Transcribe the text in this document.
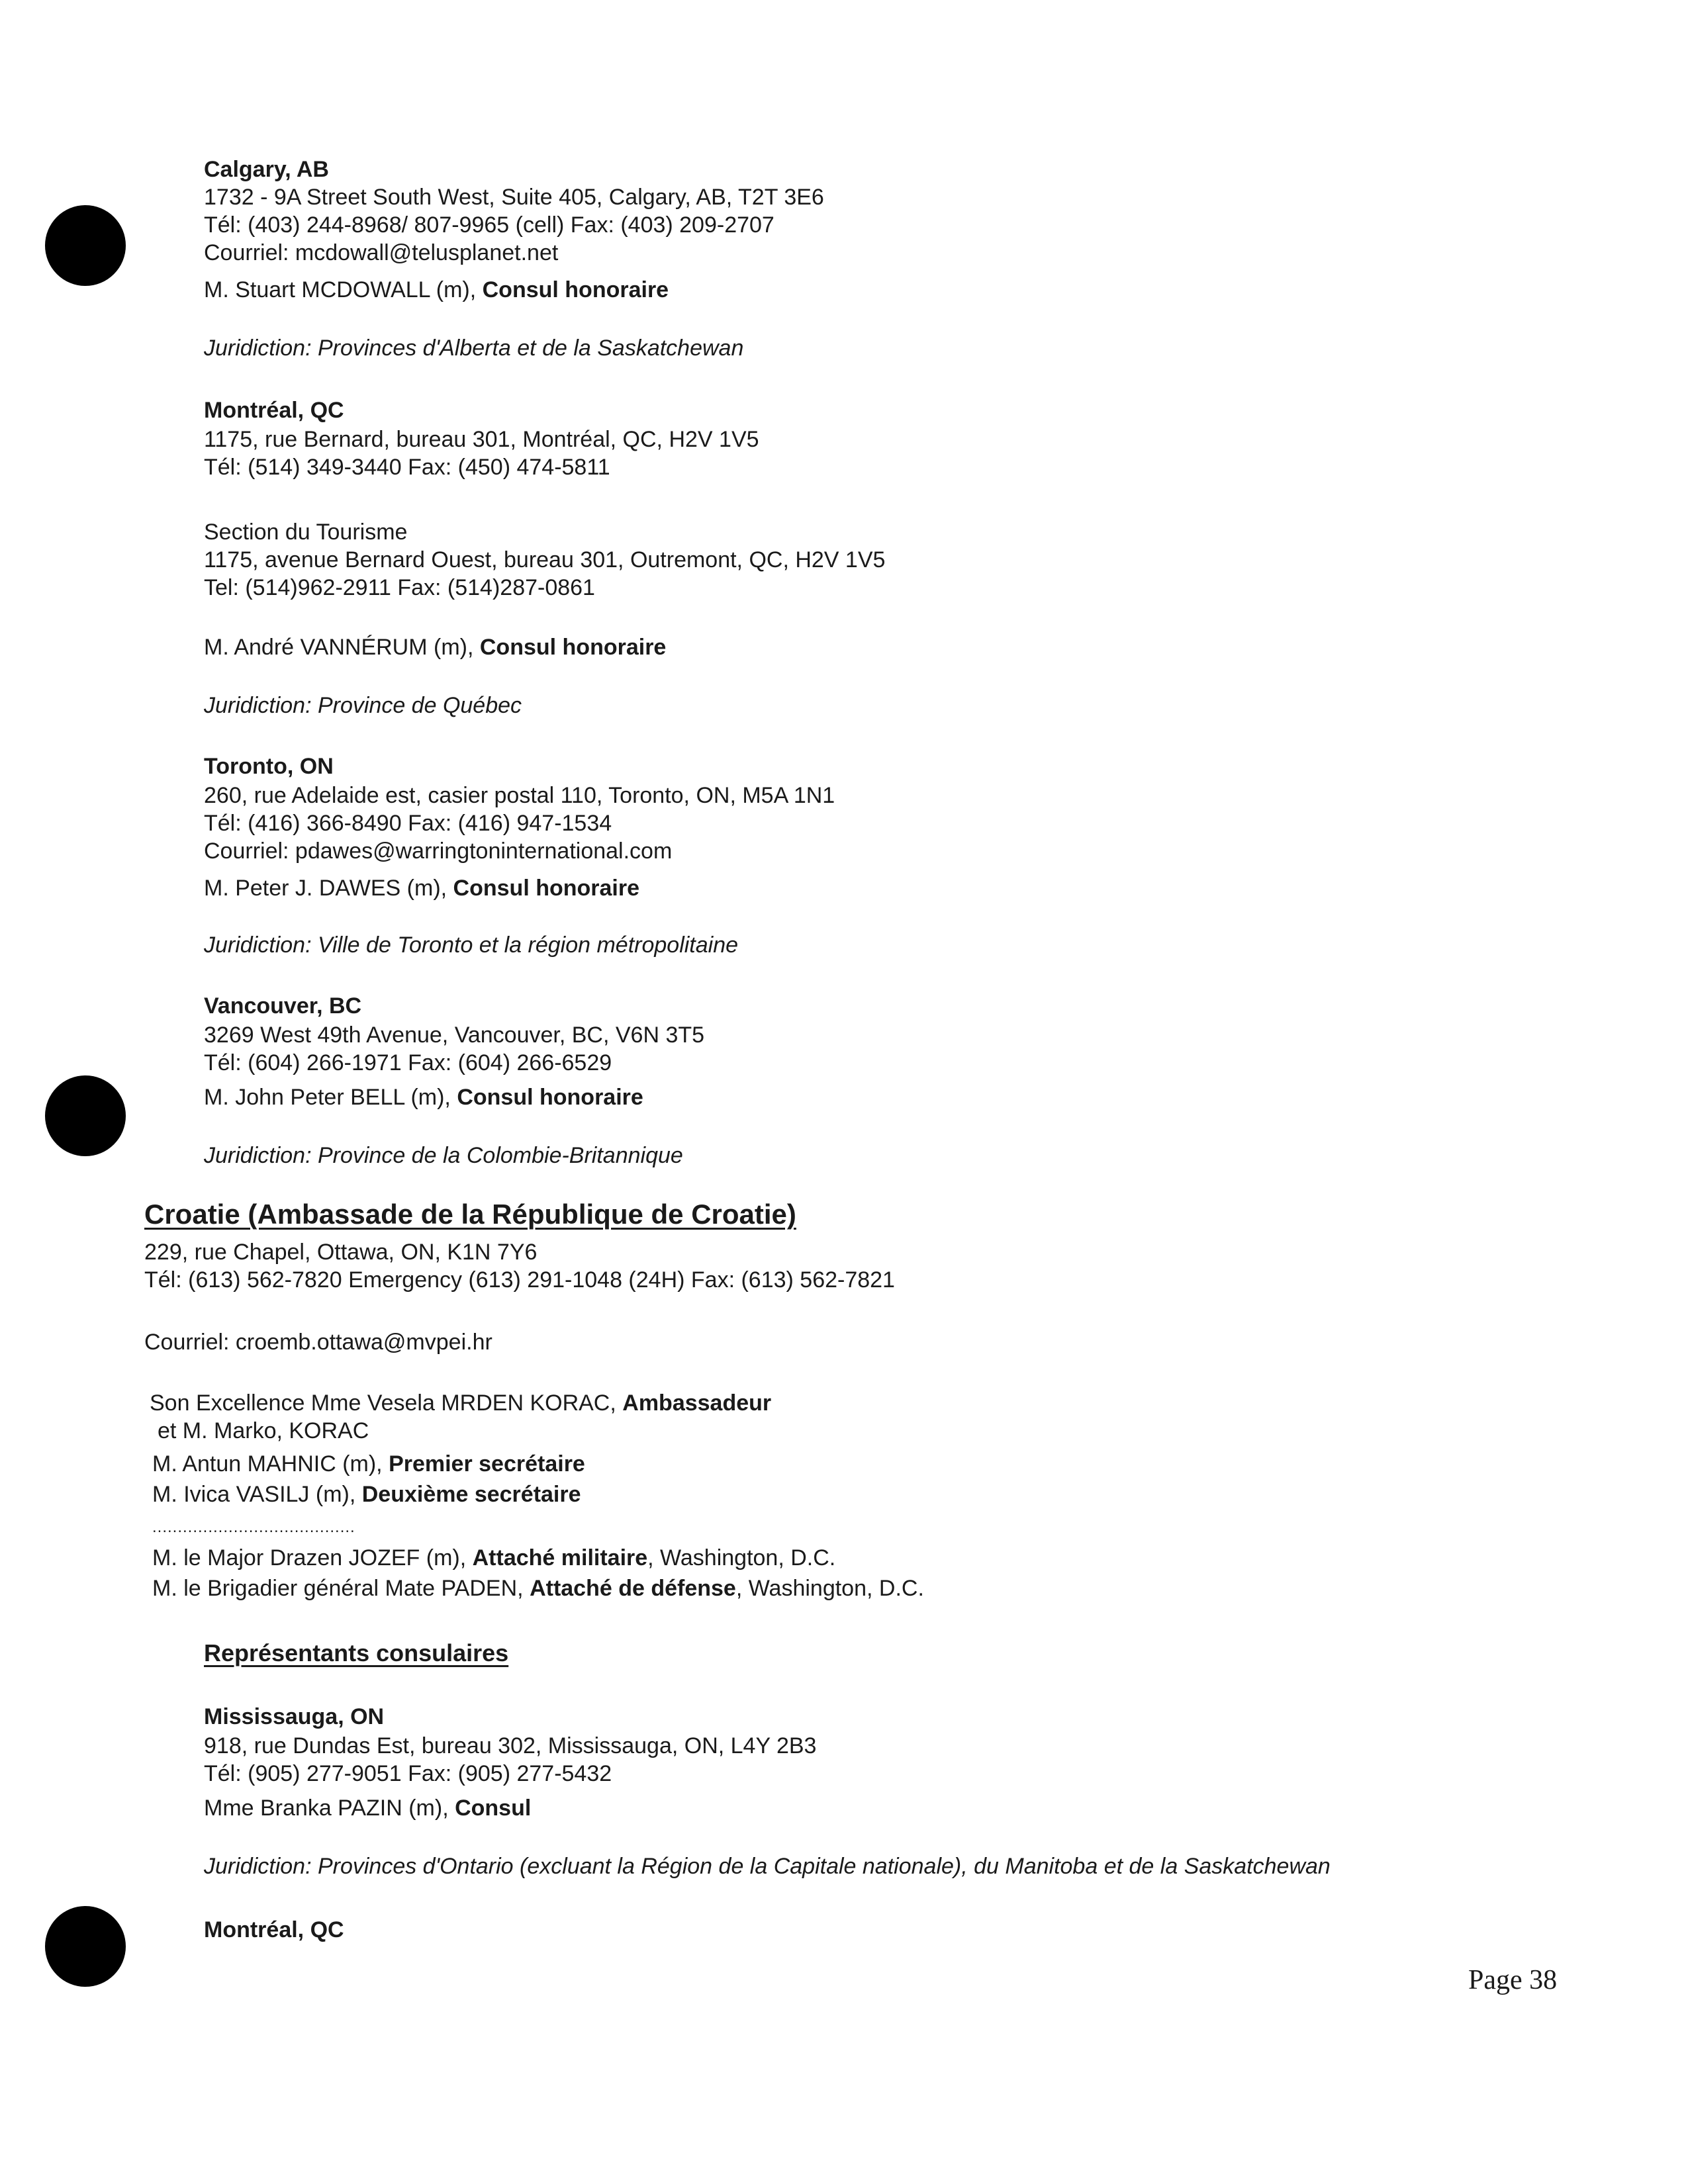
Calgary, AB
1732 - 9A Street South West, Suite 405, Calgary, AB, T2T 3E6
Tél: (403) 244-8968/ 807-9965 (cell) Fax: (403) 209-2707
Courriel: mcdowall@telusplanet.net
M. Stuart MCDOWALL (m), Consul honoraire
Juridiction: Provinces d'Alberta et de la Saskatchewan
Montréal, QC
1175, rue Bernard, bureau 301, Montréal, QC, H2V 1V5
Tél: (514) 349-3440 Fax: (450) 474-5811
Section du Tourisme
1175, avenue Bernard Ouest, bureau 301, Outremont, QC, H2V 1V5
Tel: (514)962-2911 Fax: (514)287-0861
M. André VANNÉRUM (m), Consul honoraire
Juridiction: Province de Québec
Toronto, ON
260, rue Adelaide est, casier postal 110, Toronto, ON, M5A 1N1
Tél: (416) 366-8490 Fax: (416) 947-1534
Courriel: pdawes@warringtoninternational.com
M. Peter J. DAWES (m), Consul honoraire
Juridiction: Ville de Toronto et la région métropolitaine
Vancouver, BC
3269 West 49th Avenue, Vancouver, BC, V6N 3T5
Tél: (604) 266-1971 Fax: (604) 266-6529
M. John Peter BELL (m), Consul honoraire
Juridiction: Province de la Colombie-Britannique
Croatie (Ambassade de la République de Croatie)
229, rue Chapel, Ottawa, ON, K1N 7Y6
Tél: (613) 562-7820 Emergency (613) 291-1048 (24H) Fax: (613) 562-7821
Courriel: croemb.ottawa@mvpei.hr
Son Excellence Mme Vesela MRDEN KORAC, Ambassadeur
et M. Marko, KORAC
M. Antun MAHNIC (m), Premier secrétaire
M. Ivica VASILJ (m), Deuxième secrétaire
........................................
M. le Major Drazen JOZEF (m), Attaché militaire, Washington, D.C.
M. le Brigadier général Mate PADEN, Attaché de défense, Washington, D.C.
Représentants consulaires
Mississauga, ON
918, rue Dundas Est, bureau 302, Mississauga, ON, L4Y 2B3
Tél: (905) 277-9051 Fax: (905) 277-5432
Mme Branka PAZIN (m), Consul
Juridiction: Provinces d'Ontario (excluant la Région de la Capitale nationale), du Manitoba et de la Saskatchewan
Montréal, QC
Page 38
